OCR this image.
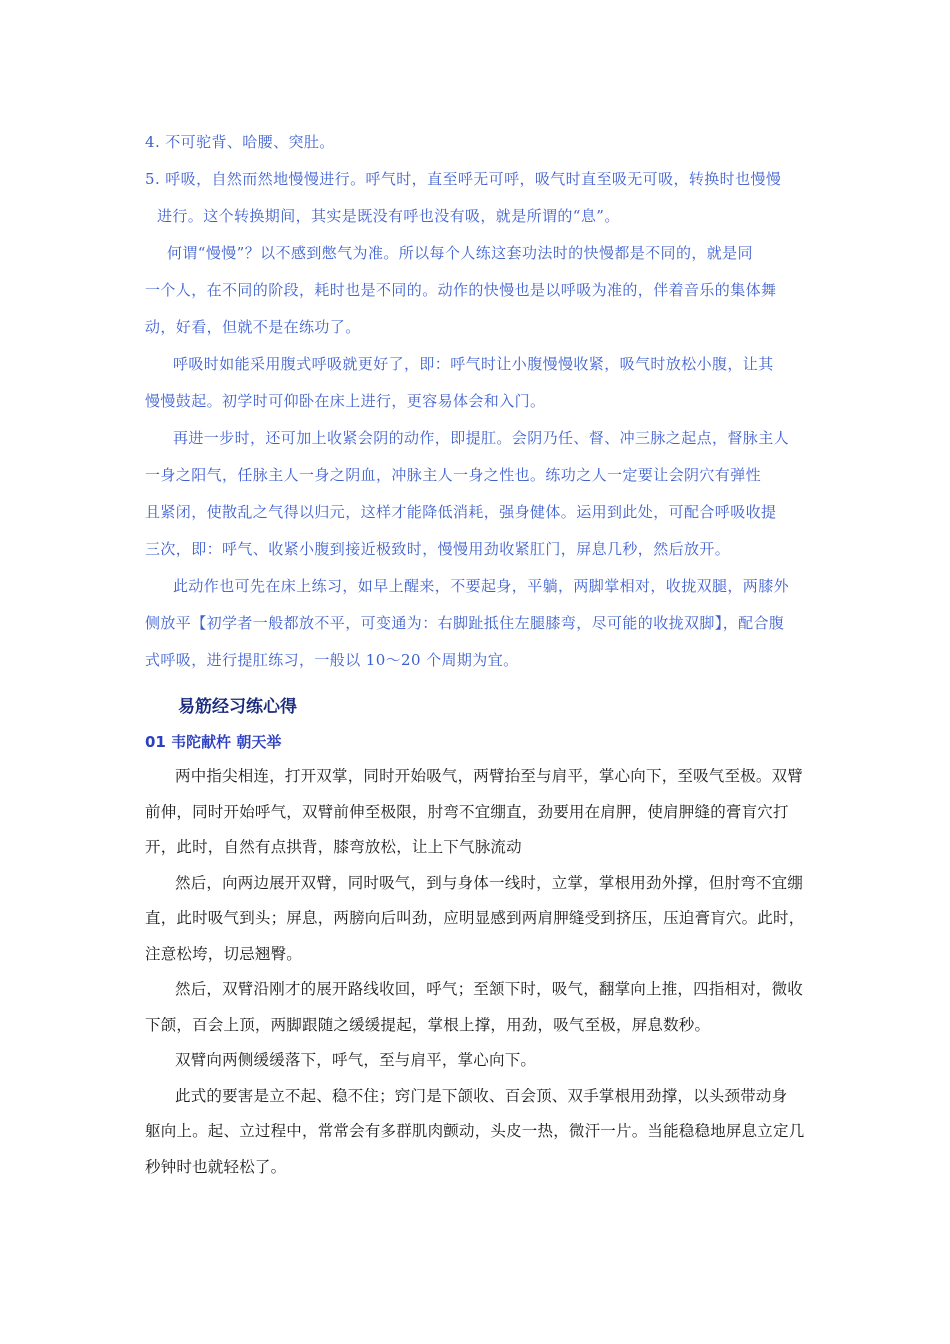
4. 不可驼背、哈腰、突肚。

5. 呼吸，自然而然地慢慢进行。呼气时，直至呼无可呼，吸气时直至吸无可吸，转换时也慢慢

进行。这个转换期间，其实是既没有呼也没有吸，就是所谓的“息”。

何谓“慢慢”？以不感到憋气为准。所以每个人练这套功法时的快慢都是不同的，就是同

一个人，在不同的阶段，耗时也是不同的。动作的快慢也是以呼吸为准的，伴着音乐的集体舞

动，好看，但就不是在练功了。

呼吸时如能采用腹式呼吸就更好了，即：呼气时让小腹慢慢收紧，吸气时放松小腹，让其

慢慢鼓起。初学时可仰卧在床上进行，更容易体会和入门。

再进一步时，还可加上收紧会阴的动作，即提肛。会阴乃任、督、冲三脉之起点，督脉主人

一身之阳气，任脉主人一身之阴血，冲脉主人一身之性也。练功之人一定要让会阴穴有弹性

且紧闭，使散乱之气得以归元，这样才能降低消耗，强身健体。运用到此处，可配合呼吸收提

三次，即：呼气、收紧小腹到接近极致时，慢慢用劲收紧肛门，屏息几秒，然后放开。

此动作也可先在床上练习，如早上醒来，不要起身，平躺，两脚掌相对，收拢双腿，两膝外

侧放平【初学者一般都放不平，可变通为：右脚趾抵住左腿膝弯，尽可能的收拢双脚】，配合腹

式呼吸，进行提肛练习，一般以 10～20 个周期为宜。

易筋经习练心得
01 韦陀献杵 朝天举

两中指尖相连，打开双掌，同时开始吸气，两臂抬至与肩平，掌心向下，至吸气至极。双臂

前伸，同时开始呼气，双臂前伸至极限，肘弯不宜绷直，劲要用在肩胛，使肩胛缝的膏肓穴打

开，此时，自然有点拱背，膝弯放松，让上下气脉流动

然后，向两边展开双臂，同时吸气，到与身体一线时，立掌，掌根用劲外撑，但肘弯不宜绷

直，此时吸气到头；屏息，两膀向后叫劲，应明显感到两肩胛缝受到挤压，压迫膏肓穴。此时，

注意松垮，切忌翘臀。

然后，双臂沿刚才的展开路线收回，呼气；至颔下时，吸气，翻掌向上推，四指相对，微收

下颌，百会上顶，两脚跟随之缓缓提起，掌根上撑，用劲，吸气至极，屏息数秒。

双臂向两侧缓缓落下，呼气，至与肩平，掌心向下。

此式的要害是立不起、稳不住；窍门是下颌收、百会顶、双手掌根用劲撑，以头颈带动身

躯向上。起、立过程中，常常会有多群肌肉颤动，头皮一热，微汗一片。当能稳稳地屏息立定几

秒钟时也就轻松了。
